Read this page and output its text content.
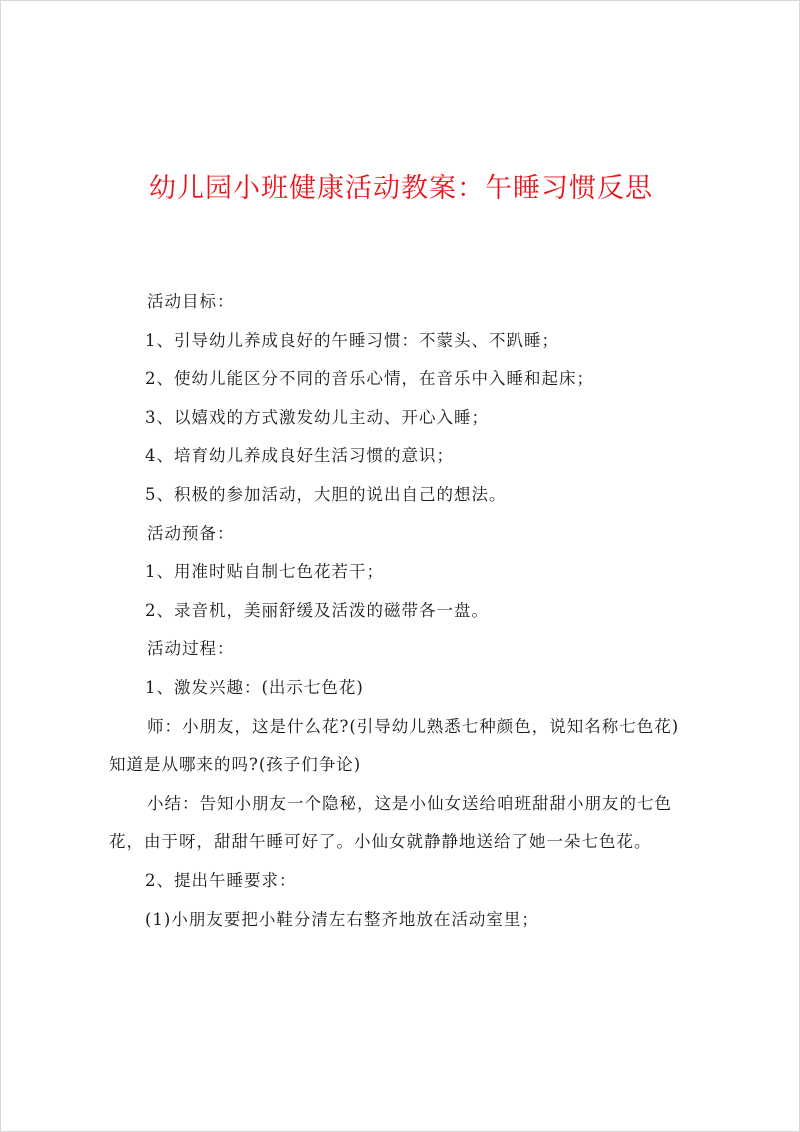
幼儿园小班健康活动教案：午睡习惯反思

活动目标：

1、引导幼儿养成良好的午睡习惯：不蒙头、不趴睡；

2、使幼儿能区分不同的音乐心情，在音乐中入睡和起床；

3、以嬉戏的方式激发幼儿主动、开心入睡；

4、培育幼儿养成良好生活习惯的意识；

5、积极的参加活动，大胆的说出自己的想法。

活动预备：

1、用准时贴自制七色花若干；

2、录音机，美丽舒缓及活泼的磁带各一盘。

活动过程：

1、激发兴趣：(出示七色花)

师：小朋友，这是什么花?(引导幼儿熟悉七种颜色，说知名称七色花)

知道是从哪来的吗?(孩子们争论)

小结：告知小朋友一个隐秘，这是小仙女送给咱班甜甜小朋友的七色

花，由于呀，甜甜午睡可好了。小仙女就静静地送给了她一朵七色花。

2、提出午睡要求：

(1)小朋友要把小鞋分清左右整齐地放在活动室里；
